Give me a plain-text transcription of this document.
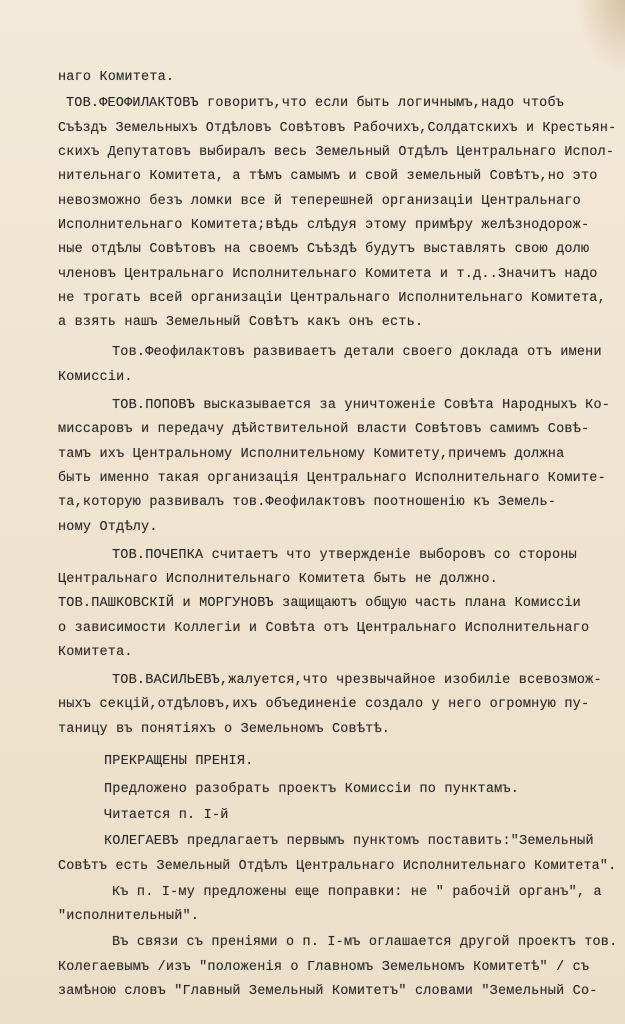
наго Комитета.
ТОВ.ФЕОФИЛАКТОВЪ говоритъ,что если быть логичнымъ,надо чтобъ
Съѣздъ Земельныхъ Отдѣловъ Совѣтовъ Рабочихъ,Солдатскихъ и Крестьян-
скихъ Депутатовъ выбиралъ весь Земельный Отдѣлъ Центральнаго Испол-
нительнаго Комитета, а тѣмъ самымъ и свой земельный Совѣтъ,но это
невозможно безъ ломки все й теперешней организацiи Центральнаго
Исполнительнаго Комитета;вѣдь слѣдуя этому примѣру желѣзнодорож-
ные отдѣлы Совѣтовъ на своемъ Съѣздѣ будутъ выставлять свою долю
членовъ Центральнаго Исполнительнаго Комитета и т.д..Значитъ надо
не трогать всей организацiи Центральнаго Исполнительнаго Комитета,
а взять нашъ Земельный Совѣтъ какъ онъ есть.
Тов.Феофилактовъ развиваетъ детали своего доклада отъ имени
Комиссiи.
ТОВ.ПОПОВЪ высказывается за уничтоженiе Совѣта Народныхъ Ко-
миссаровъ и передачу дѣйствительной власти Совѣтовъ самимъ Совѣ-
тамъ ихъ Центральному Исполнительному Комитету,причемъ должна
быть именно такая организацiя Центральнаго Исполнительнаго Комите-
та,которую развивалъ тов.Феофилактовъ поотношенiю къ Земель-
ному Отдѣлу.
ТОВ.ПОЧЕПКА считаетъ что утвержденiе выборовъ со стороны
Центральнаго Исполнительнаго Комитета быть не должно.
ТОВ.ПАШКОВСКIЙ и МОРГУНОВЪ защищаютъ общую часть плана Комиссiи
о зависимости Коллегiи и Совѣта отъ Центральнаго Исполнительнаго
Комитета.
ТОВ.ВАСИЛЬЕВЪ,жалуется,что чрезвычайное изобилiе всевозмож-
ныхъ секцiй,отдѣловъ,ихъ объединенiе создало у него огромную пу-
таницу въ понятiяхъ о Земельномъ Совѣтѣ.
ПРЕКРАЩЕНЫ ПРЕНIЯ.
Предложено разобрать проектъ Комиссiи по пунктамъ.
Читается п. I-й
КОЛЕГАЕВЪ предлагаетъ первымъ пунктомъ поставить:"Земельный
Совѣтъ есть Земельный Отдѣлъ Центральнаго Исполнительнаго Комитета".
Къ п. I-му предложены еще поправки: не " рабочiй органъ", а
"исполнительный".
Въ связи съ пренiями о п. I-мъ оглашается другой проектъ тов.
Колегаевымъ /изъ "положенiя о Главномъ Земельномъ Комитетѣ" / съ
замѣною словъ "Главный Земельный Комитетъ" словами "Земельный Со-
